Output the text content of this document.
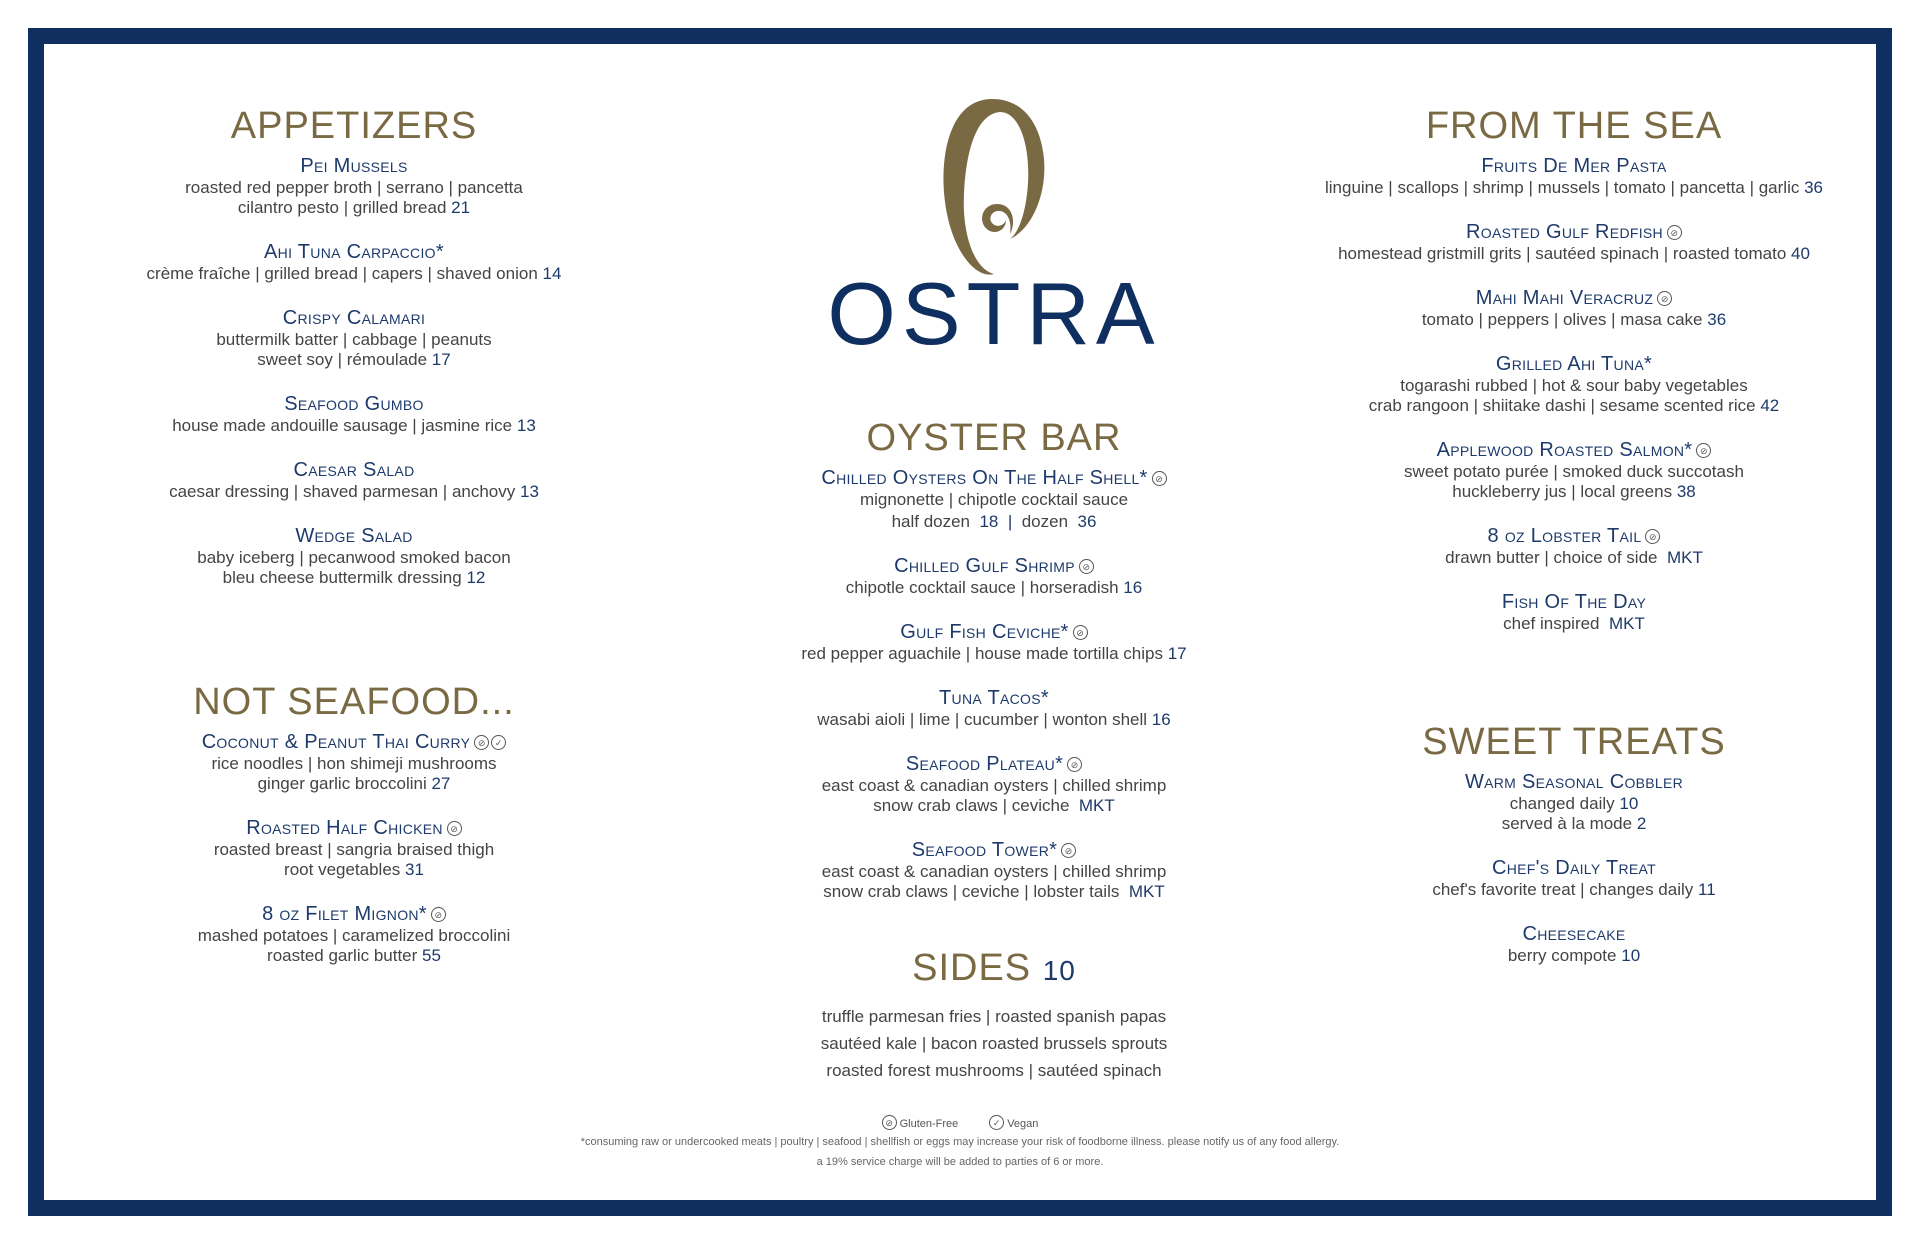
APPETIZERS
Pei Mussels
roasted red pepper broth | serrano | pancetta
cilantro pesto | grilled bread 21
Ahi Tuna Carpaccio*
crème fraîche | grilled bread | capers | shaved onion 14
Crispy Calamari
buttermilk batter | cabbage | peanuts
sweet soy | rémoulade 17
Seafood Gumbo
house made andouille sausage | jasmine rice 13
Caesar Salad
caesar dressing | shaved parmesan | anchovy 13
Wedge Salad
baby iceberg | pecanwood smoked bacon
bleu cheese buttermilk dressing 12
NOT SEAFOOD...
Coconut & Peanut Thai Curry ⊘ ✓
rice noodles | hon shimeji mushrooms
ginger garlic broccolini 27
Roasted Half Chicken ⊘
roasted breast | sangria braised thigh
root vegetables 31
8 oz Filet Mignon* ⊘
mashed potatoes | caramelized broccolini
roasted garlic butter 55
OSTRA
OYSTER BAR
Chilled Oysters On The Half Shell* ⊘
mignonette | chipotle cocktail sauce
half dozen 18 | dozen 36
Chilled Gulf Shrimp ⊘
chipotle cocktail sauce | horseradish 16
Gulf Fish Ceviche* ⊘
red pepper aguachile | house made tortilla chips 17
Tuna Tacos*
wasabi aioli | lime | cucumber | wonton shell 16
Seafood Plateau* ⊘
east coast & canadian oysters | chilled shrimp
snow crab claws | ceviche MKT
Seafood Tower* ⊘
east coast & canadian oysters | chilled shrimp
snow crab claws | ceviche | lobster tails MKT
SIDES 10
truffle parmesan fries | roasted spanish papas
sautéed kale | bacon roasted brussels sprouts
roasted forest mushrooms | sautéed spinach
FROM THE SEA
Fruits De Mer Pasta
linguine | scallops | shrimp | mussels | tomato | pancetta | garlic 36
Roasted Gulf Redfish ⊘
homestead gristmill grits | sautéed spinach | roasted tomato 40
Mahi Mahi Veracruz ⊘
tomato | peppers | olives | masa cake 36
Grilled Ahi Tuna*
togarashi rubbed | hot & sour baby vegetables
crab rangoon | shiitake dashi | sesame scented rice 42
Applewood Roasted Salmon* ⊘
sweet potato purée | smoked duck succotash
huckleberry jus | local greens 38
8 oz Lobster Tail ⊘
drawn butter | choice of side MKT
Fish Of The Day
chef inspired MKT
SWEET TREATS
Warm Seasonal Cobbler
changed daily 10
served à la mode 2
Chef's Daily Treat
chef's favorite treat | changes daily 11
Cheesecake
berry compote 10
⊘ Gluten-Free	✓ Vegan
*consuming raw or undercooked meats | poultry | seafood | shellfish or eggs may increase your risk of foodborne illness. please notify us of any food allergy.
a 19% service charge will be added to parties of 6 or more.
